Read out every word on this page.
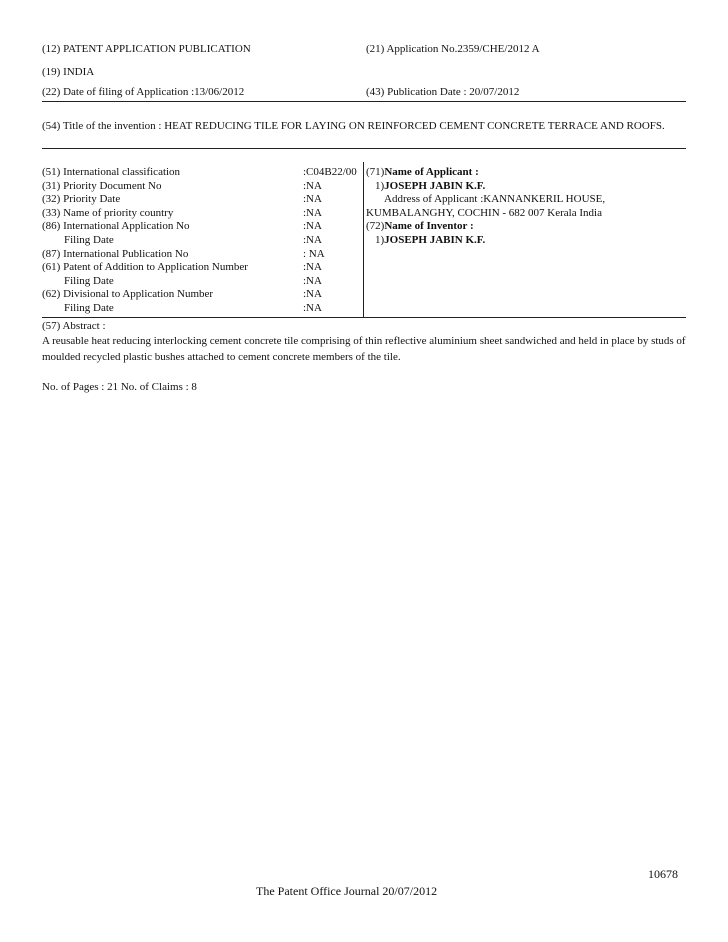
(12) PATENT APPLICATION PUBLICATION	(21) Application No.2359/CHE/2012 A
(19) INDIA
(22) Date of filing of Application :13/06/2012	(43) Publication Date : 20/07/2012
(54) Title of the invention : HEAT REDUCING TILE FOR LAYING ON REINFORCED CEMENT CONCRETE TERRACE AND ROOFS.
(51) International classification	:C04B22/00
(31) Priority Document No	:NA
(32) Priority Date	:NA
(33) Name of priority country	:NA
(86) International Application No	:NA
Filing Date	:NA
(87) International Publication No	: NA
(61) Patent of Addition to Application Number	:NA
Filing Date	:NA
(62) Divisional to Application Number	:NA
Filing Date	:NA
(71)Name of Applicant :
1)JOSEPH JABIN K.F.
Address of Applicant :KANNANKERIL HOUSE,
KUMBALANGHY, COCHIN - 682 007 Kerala India
(72)Name of Inventor :
1)JOSEPH JABIN K.F.
(57) Abstract :
A reusable heat reducing interlocking cement concrete tile comprising of thin reflective aluminium sheet sandwiched and held in place by studs of moulded recycled plastic bushes attached to cement concrete members of the tile.
No. of Pages : 21 No. of Claims : 8
10678
The Patent Office Journal 20/07/2012
